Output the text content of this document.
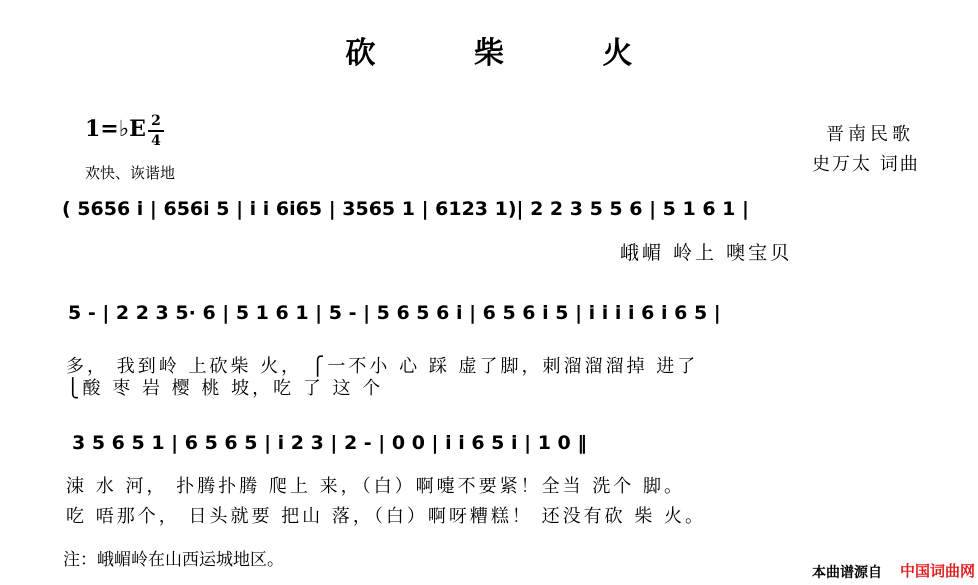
砍 柴 火
1=♭E 2
4
欢快、诙谐地
晋南民歌
史万太 词曲
( 5656 i | 656i 5 | i i 6i65 | 3565 1 | 6123 1)| 2 2 3 5 5 6 | 5 1 6 1 |
峨嵋 岭上 噢宝贝
5 - | 2 2 3 5· 6 | 5 1 6 1 | 5 - | 5 6 5 6 i | 6 5 6 i 5 | i i i i 6 i 6 5 |
多， 我到岭 上砍柴 火， ⎧一不小 心 踩 虚了脚，刺溜溜溜掉 进了
⎩酸 枣 岩 樱 桃 坡，吃 了 这 个
3 5 6 5 1 | 6 5 6 5 | i 2 3 | 2 - | 0 0 | i i 6 5 i | 1 0 ‖
涑 水 河， 扑腾扑腾 爬上 来，（白）啊嚏不要紧！全当 洗个 脚。
吃 唔那个， 日头就要 把山 落，（白）啊呀糟糕！ 还没有砍 柴 火。
注：峨嵋岭在山西运城地区。
本曲谱源自 中国词曲网
